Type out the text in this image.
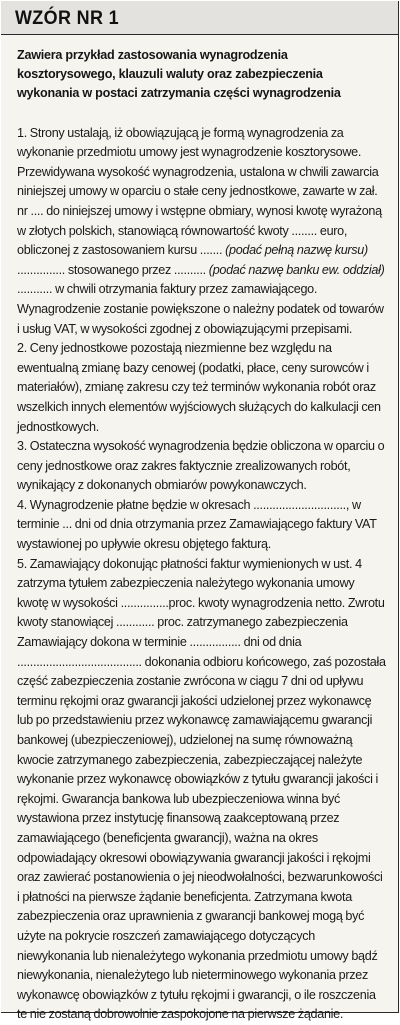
WZÓR NR 1
Zawiera przykład zastosowania wynagrodzenia kosztorysowego, klauzuli waluty oraz zabezpieczenia wykonania w postaci zatrzymania części wynagrodzenia

1. Strony ustalają, iż obowiązującą je formą wynagrodzenia za wykonanie przedmiotu umowy jest wynagrodzenie kosztorysowe. Przewidywana wysokość wynagrodzenia, ustalona w chwili zawarcia niniejszej umowy w oparciu o stałe ceny jednostkowe, zawarte w zał. nr .... do niniejszej umowy i wstępne obmiary, wynosi kwotę wyrażoną w złotych polskich, stanowiącą równowartość kwoty ........ euro, obliczonej z zastosowaniem kursu ....... (podać pełną nazwę kursu) ............... stosowanego przez .......... (podać nazwę banku ew. oddział) ........... w chwili otrzymania faktury przez zamawiającego. Wynagrodzenie zostanie powiększone o należny podatek od towarów i usług VAT, w wysokości zgodnej z obowiązującymi przepisami.

2. Ceny jednostkowe pozostają niezmienne bez względu na ewentualną zmianę bazy cenowej (podatki, płace, ceny surowców i materiałów), zmianę zakresu czy też terminów wykonania robót oraz wszelkich innych elementów wyjściowych służących do kalkulacji cen jednostkowych.

3. Ostateczna wysokość wynagrodzenia będzie obliczona w oparciu o ceny jednostkowe oraz zakres faktycznie zrealizowanych robót, wynikający z dokonanych obmiarów powykonawczych.

4. Wynagrodzenie płatne będzie w okresach ............................., w terminie ... dni od dnia otrzymania przez Zamawiającego faktury VAT wystawionej po upływie okresu objętego fakturą.

5. Zamawiający dokonując płatności faktur wymienionych w ust. 4 zatrzyma tytułem zabezpieczenia należytego wykonania umowy kwotę w wysokości ...............proc. kwoty wynagrodzenia netto. Zwrotu kwoty stanowiącej ............ proc. zatrzymanego zabezpieczenia Zamawiający dokona w terminie ................ dni od dnia ....................................... dokonania odbioru końcowego, zaś pozostała część zabezpieczenia zostanie zwrócona w ciągu 7 dni od upływu terminu rękojmi oraz gwarancji jakości udzielonej przez wykonawcę lub po przedstawieniu przez wykonawcę zamawiającemu gwarancji bankowej (ubezpieczeniowej), udzielonej na sumę równoważną kwocie zatrzymanego zabezpieczenia, zabezpieczającej należyte wykonanie przez wykonawcę obowiązków z tytułu gwarancji jakości i rękojmi. Gwarancja bankowa lub ubezpieczeniowa winna być wystawiona przez instytucję finansową zaakceptowaną przez zamawiającego (beneficjenta gwarancji), ważna na okres odpowiadający okresowi obowiązywania gwarancji jakości i rękojmi oraz zawierać postanowienia o jej nieodwołalności, bezwarunkowości i płatności na pierwsze żądanie beneficjenta. Zatrzymana kwota zabezpieczenia oraz uprawnienia z gwarancji bankowej mogą być użyte na pokrycie roszczeń zamawiającego dotyczących niewykonania lub nienależytego wykonania przedmiotu umowy bądź niewykonania, nienależytego lub nieterminowego wykonania przez wykonawcę obowiązków z tytułu rękojmi i gwarancji, o ile roszczenia te nie zostaną dobrowolnie zaspokojone na pierwsze żądanie.
